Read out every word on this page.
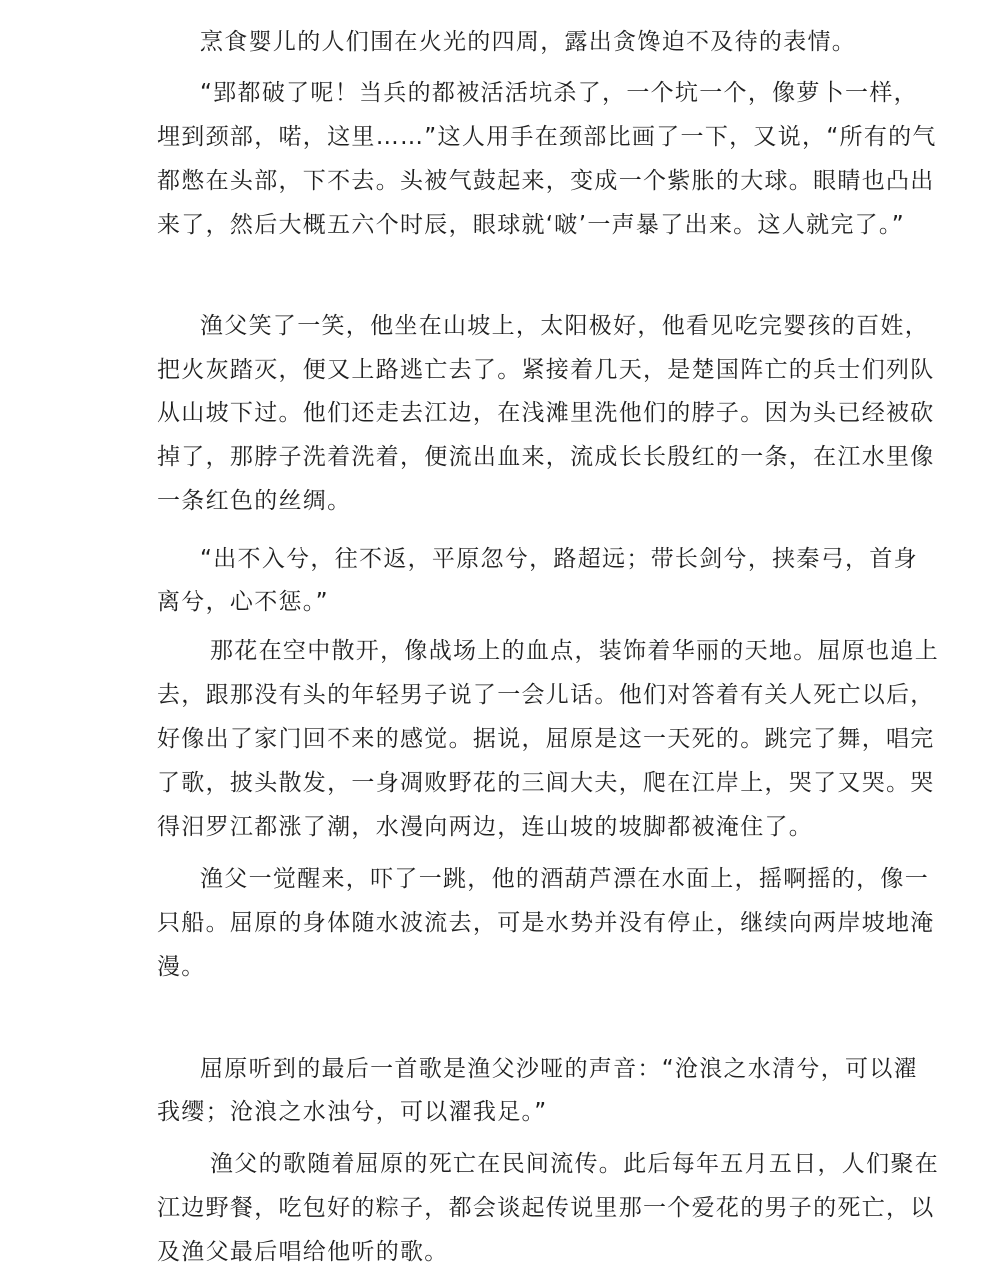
烹食婴儿的人们围在火光的四周，露出贪馋迫不及待的表情。
“郢都破了呢！当兵的都被活活坑杀了，一个坑一个，像萝卜一样，
埋到颈部，喏，这里……”这人用手在颈部比画了一下，又说，“所有的气
都憋在头部，下不去。头被气鼓起来，变成一个紫胀的大球。眼睛也凸出
来了，然后大概五六个时辰，眼球就‘啵’一声暴了出来。这人就完了。”
渔父笑了一笑，他坐在山坡上，太阳极好，他看见吃完婴孩的百姓，
把火灰踏灭，便又上路逃亡去了。紧接着几天，是楚国阵亡的兵士们列队
从山坡下过。他们还走去江边，在浅滩里洗他们的脖子。因为头已经被砍
掉了，那脖子洗着洗着，便流出血来，流成长长殷红的一条，在江水里像
一条红色的丝绸。
“出不入兮，往不返，平原忽兮，路超远；带长剑兮，挟秦弓，首身
离兮，心不惩。”
那花在空中散开，像战场上的血点，装饰着华丽的天地。屈原也追上
去，跟那没有头的年轻男子说了一会儿话。他们对答着有关人死亡以后，
好像出了家门回不来的感觉。据说，屈原是这一天死的。跳完了舞，唱完
了歌，披头散发，一身凋败野花的三闾大夫，爬在江岸上，哭了又哭。哭
得汨罗江都涨了潮，水漫向两边，连山坡的坡脚都被淹住了。
渔父一觉醒来，吓了一跳，他的酒葫芦漂在水面上，摇啊摇的，像一
只船。屈原的身体随水波流去，可是水势并没有停止，继续向两岸坡地淹
漫。
屈原听到的最后一首歌是渔父沙哑的声音：“沧浪之水清兮，可以濯
我缨；沧浪之水浊兮，可以濯我足。”
渔父的歌随着屈原的死亡在民间流传。此后每年五月五日，人们聚在
江边野餐，吃包好的粽子，都会谈起传说里那一个爱花的男子的死亡，以
及渔父最后唱给他听的歌。
